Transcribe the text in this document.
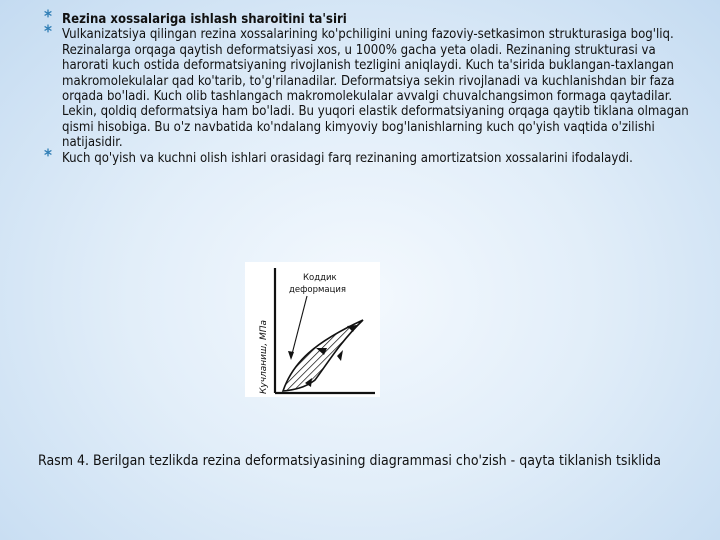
* Rezina xossalariga ishlash sharoitini ta'siri

* Vulkanizatsiya qilingan rezina xossalarining ko'pchiligini uning fazoviy-setkasimon strukturasiga bog'liq. Rezinalarga orqaga qaytish deformatsiyasi xos, u 1000% gacha yeta oladi. Rezinaning strukturasi va harorati kuch ostida deformatsiyaning rivojlanish tezligini aniqlaydi. Kuch ta'sirida buklangan-taxlangan makromolekulalar qad ko'tarib, to'g'rilanadilar. Deformatsiya sekin rivojlanadi va kuchlanishdan bir faza orqada bo'ladi. Kuch olib tashlangach makromolekulalar avvalgi chuvalchangsimon formaga qaytadilar. Lekin, qoldiq deformatsiya ham bo'ladi. Bu yuqori elastik deformatsiyaning orqaga qaytib tiklana olmagan qismi hisobiga. Bu o'z navbatida ko'ndalang kimyoviy bog'lanishlarning kuch qo'yish vaqtida o'zilishi natijasidir.

* Kuch qo'yish va kuchni olish ishlari orasidagi farq rezinaning amortizatsion xossalarini ifodalaydi.

Коддик
деформация
Кучланиш, МПа
Rasm 4. Berilgan tezlikda rezina deformatsiyasining diagrammasi cho'zish - qayta tiklanish tsiklida
